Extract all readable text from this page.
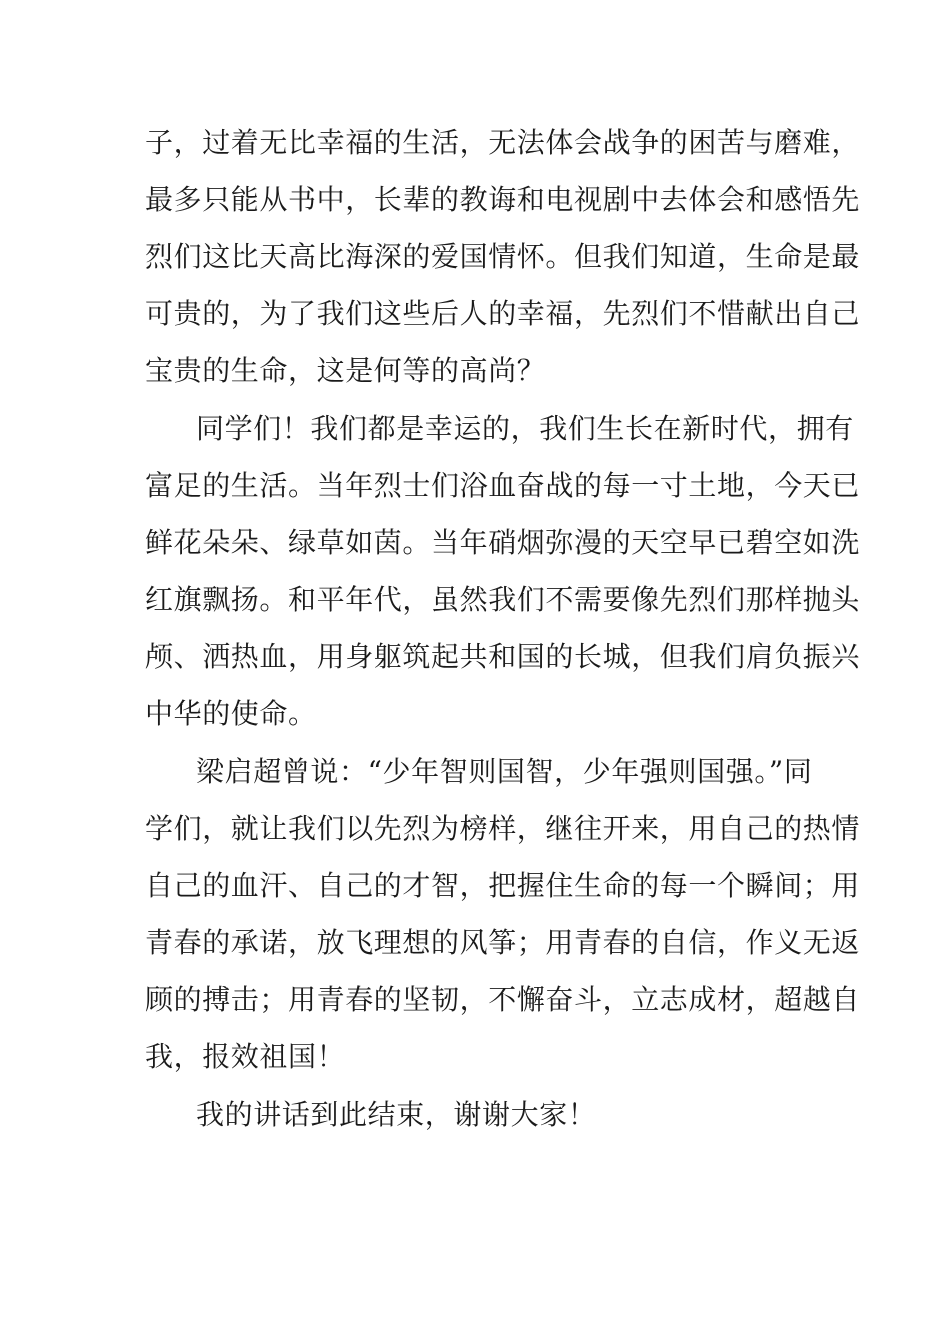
子，过着无比幸福的生活，无法体会战争的困苦与磨难，
最多只能从书中，长辈的教诲和电视剧中去体会和感悟先
烈们这比天高比海深的爱国情怀。但我们知道，生命是最
可贵的，为了我们这些后人的幸福，先烈们不惜献出自己
宝贵的生命，这是何等的高尚？
同学们！我们都是幸运的，我们生长在新时代，拥有
富足的生活。当年烈士们浴血奋战的每一寸土地，今天已
鲜花朵朵、绿草如茵。当年硝烟弥漫的天空早已碧空如洗
红旗飘扬。和平年代，虽然我们不需要像先烈们那样抛头
颅、洒热血，用身躯筑起共和国的长城，但我们肩负振兴
中华的使命。
梁启超曾说：“少年智则国智，少年强则国强。”同
学们，就让我们以先烈为榜样，继往开来，用自己的热情
自己的血汗、自己的才智，把握住生命的每一个瞬间；用
青春的承诺，放飞理想的风筝；用青春的自信，作义无返
顾的搏击；用青春的坚韧，不懈奋斗，立志成材，超越自
我，报效祖国！
我的讲话到此结束，谢谢大家！
